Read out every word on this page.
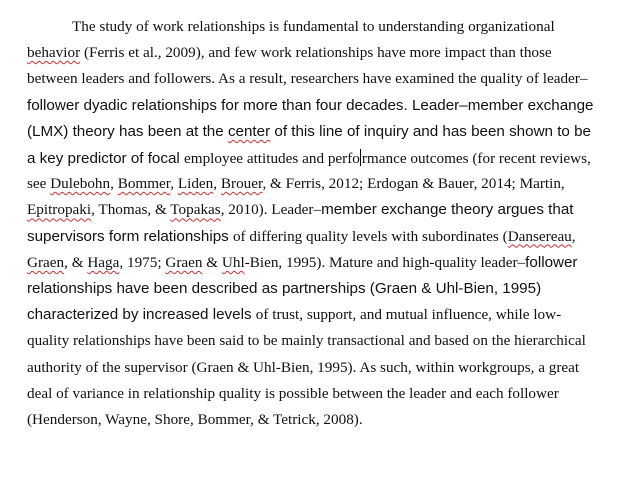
The study of work relationships is fundamental to understanding organizational
behavior (Ferris et al., 2009), and few work relationships have more impact than those
between leaders and followers. As a result, researchers have examined the quality of leader–
follower dyadic relationships for more than four decades. Leader–member exchange
(LMX) theory has been at the center of this line of inquiry and has been shown to be
a key predictor of focal employee attitudes and perfo rmance outcomes (for recent reviews,
see Dulebohn, Bommer, Liden, Brouer, & Ferris, 2012; Erdogan & Bauer, 2014; Martin,
Epitropaki, Thomas, & Topakas, 2010). Leader–member exchange theory argues that
supervisors form relationships of differing quality levels with subordinates (Dansereau,
Graen, & Haga, 1975; Graen & Uhl-Bien, 1995). Mature and high-quality leader–follower
relationships have been described as partnerships (Graen & Uhl-Bien, 1995)
characterized by increased levels of trust, support, and mutual influence, while low-
quality relationships have been said to be mainly transactional and based on the hierarchical
authority of the supervisor (Graen & Uhl-Bien, 1995). As such, within workgroups, a great
deal of variance in relationship quality is possible between the leader and each follower
(Henderson, Wayne, Shore, Bommer, & Tetrick, 2008).
